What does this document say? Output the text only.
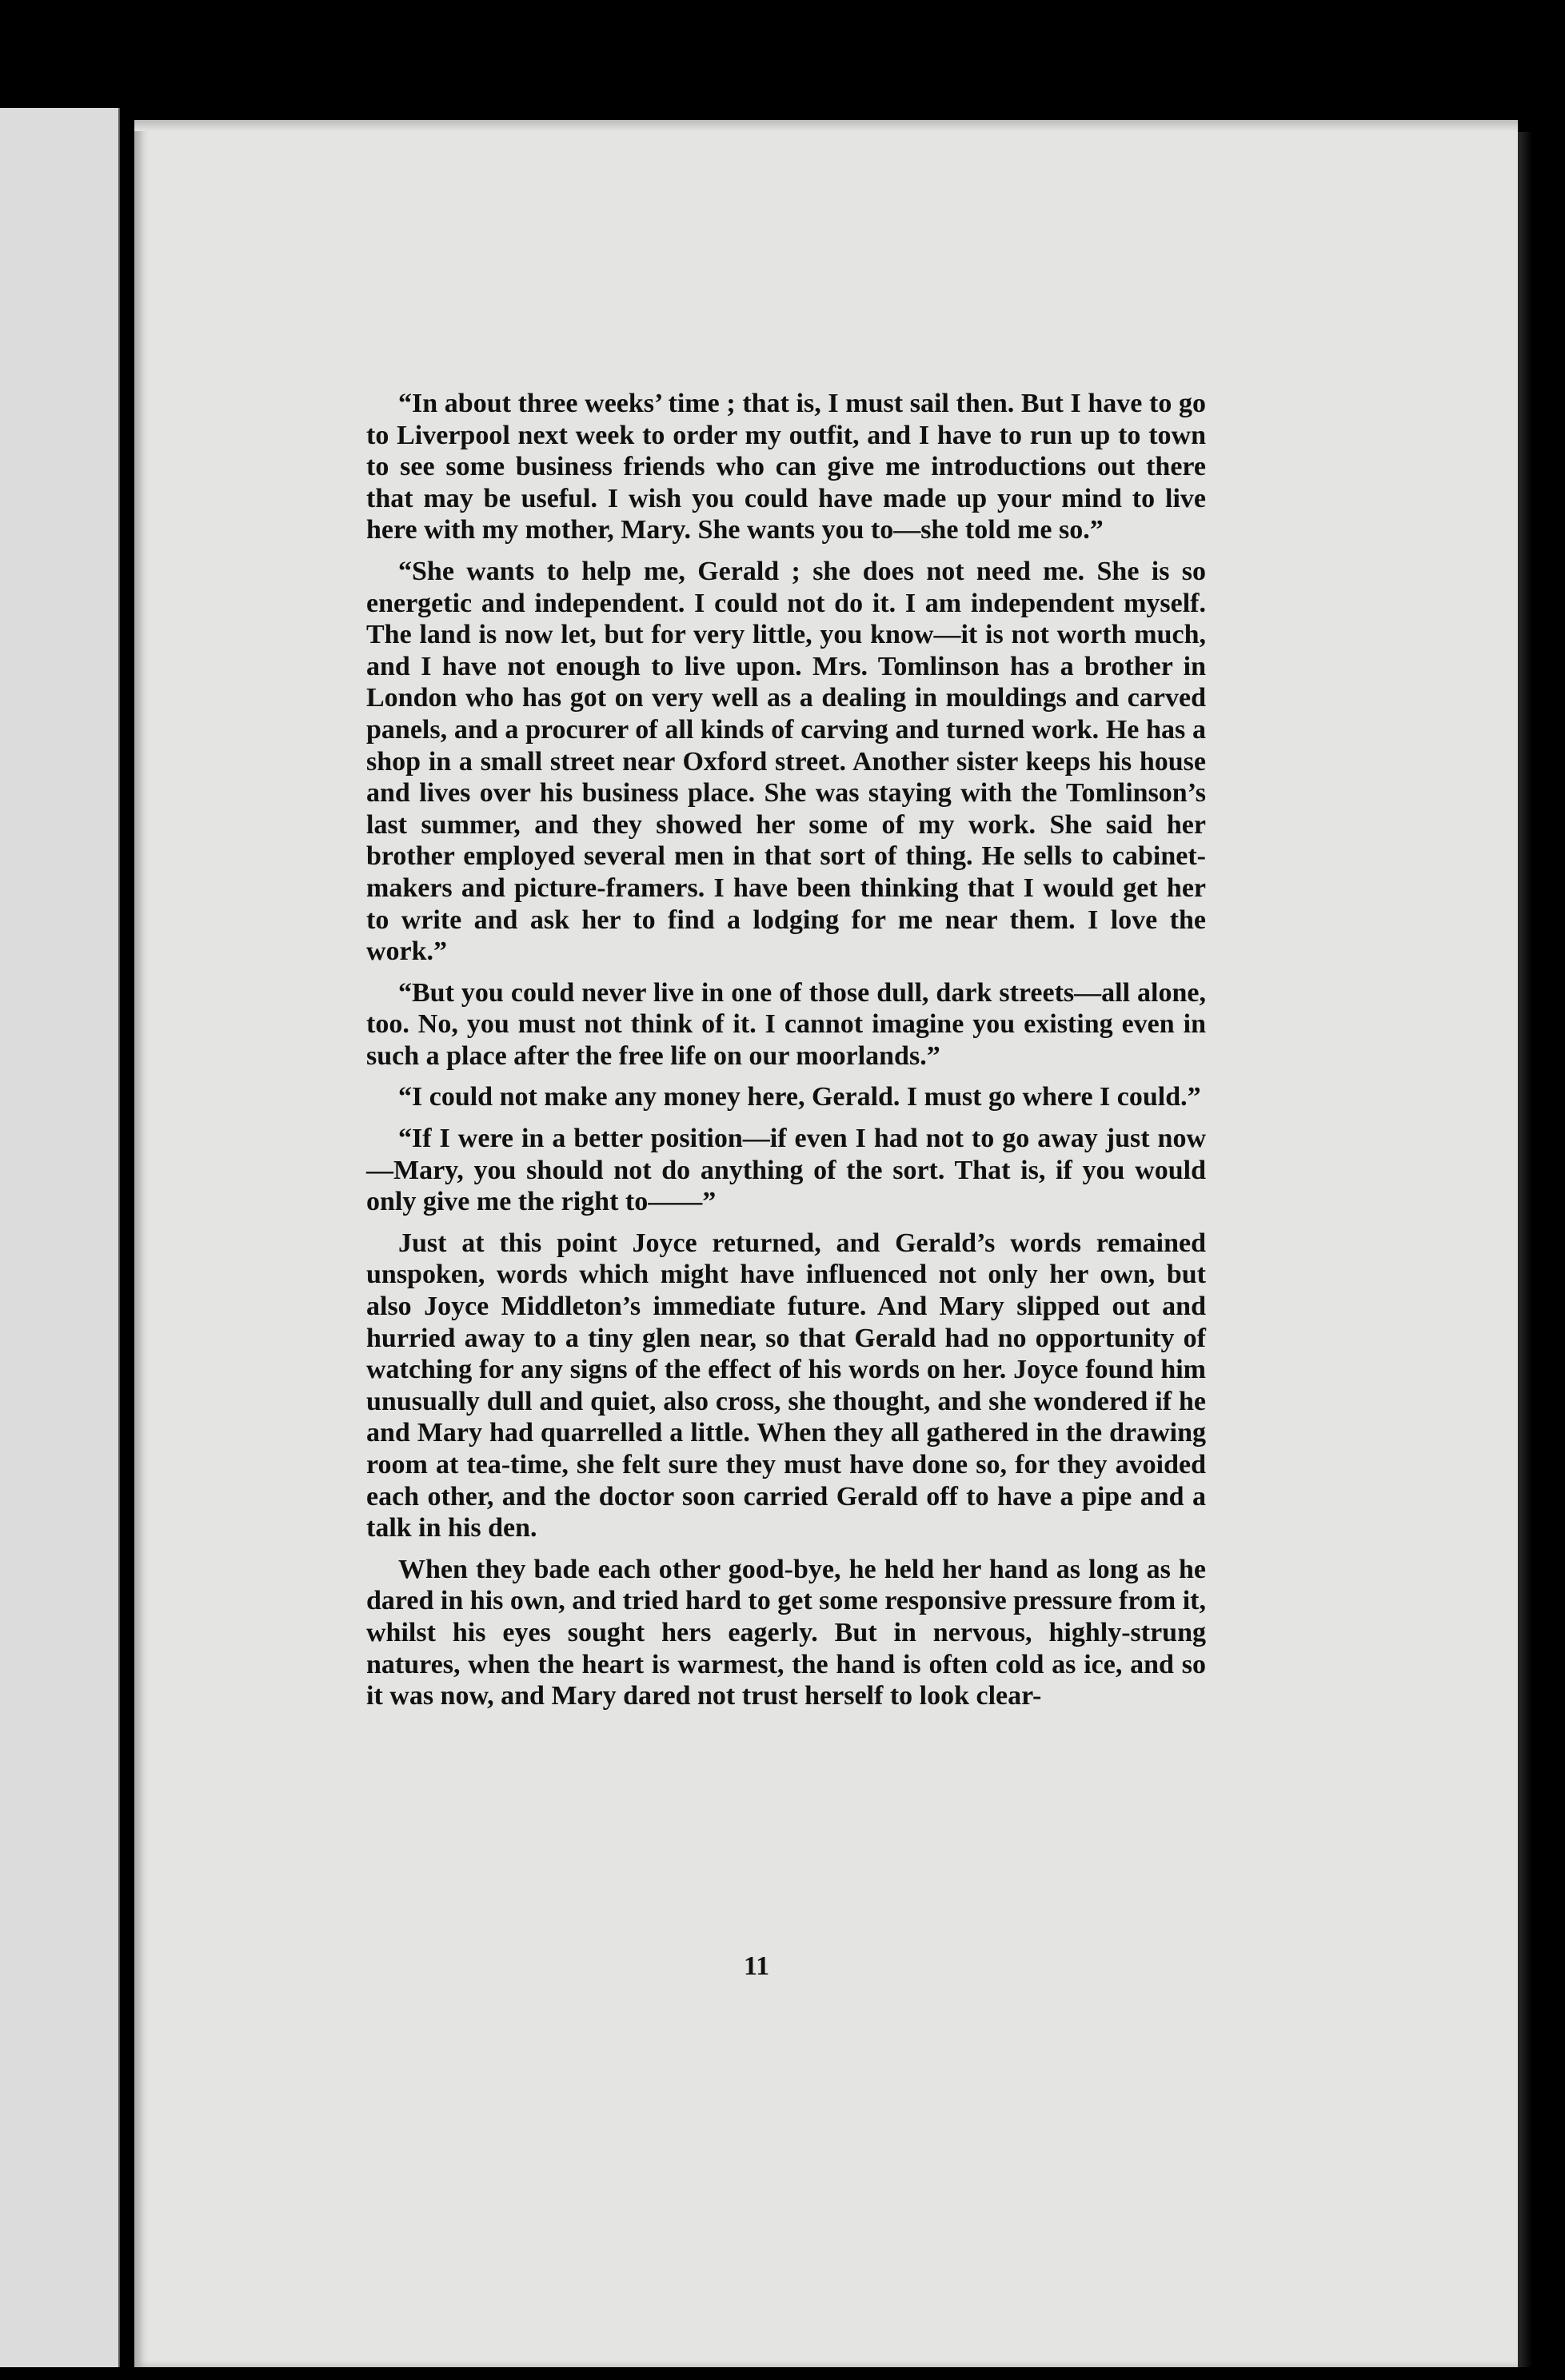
“In about three weeks’ time ; that is, I must sail then. But I have to go to Liverpool next week to order my outfit, and I have to run up to town to see some business friends who can give me introductions out there that may be useful. I wish you could have made up your mind to live here with my mother, Mary. She wants you to—she told me so.”

“She wants to help me, Gerald ; she does not need me. She is so energetic and independent. I could not do it. I am independent myself. The land is now let, but for very little, you know—it is not worth much, and I have not enough to live upon. Mrs. Tomlinson has a brother in London who has got on very well as a dealing in mouldings and carved panels, and a procurer of all kinds of carving and turned work. He has a shop in a small street near Oxford street. Another sister keeps his house and lives over his business place. She was staying with the Tomlinson’s last summer, and they showed her some of my work. She said her brother employed several men in that sort of thing. He sells to cabinet-makers and picture-framers. I have been thinking that I would get her to write and ask her to find a lodging for me near them. I love the work.”

“But you could never live in one of those dull, dark streets—all alone, too. No, you must not think of it. I cannot imagine you existing even in such a place after the free life on our moorlands.”

“I could not make any money here, Gerald. I must go where I could.”

“If I were in a better position—if even I had not to go away just now—Mary, you should not do anything of the sort. That is, if you would only give me the right to——”

Just at this point Joyce returned, and Gerald’s words remained unspoken, words which might have influenced not only her own, but also Joyce Middleton’s immediate future. And Mary slipped out and hurried away to a tiny glen near, so that Gerald had no opportunity of watching for any signs of the effect of his words on her. Joyce found him unusually dull and quiet, also cross, she thought, and she wondered if he and Mary had quarrelled a little. When they all gathered in the drawing room at tea-time, she felt sure they must have done so, for they avoided each other, and the doctor soon carried Gerald off to have a pipe and a talk in his den.

When they bade each other good-bye, he held her hand as long as he dared in his own, and tried hard to get some responsive pressure from it, whilst his eyes sought hers eagerly. But in nervous, highly-strung natures, when the heart is warmest, the hand is often cold as ice, and so it was now, and Mary dared not trust herself to look clear-

11
